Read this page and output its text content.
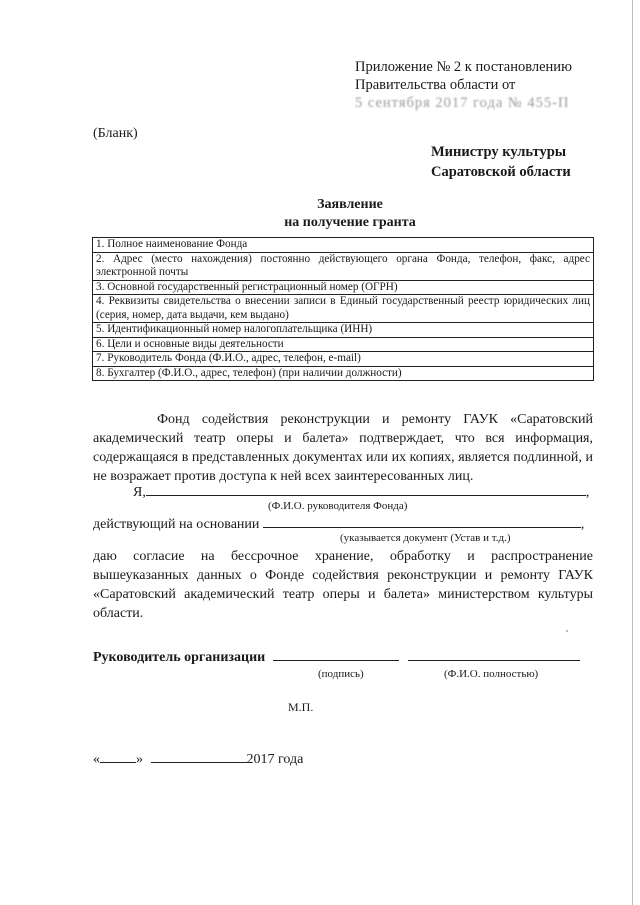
Приложение № 2 к постановлению
Правительства области от
5 сентября 2017 года № 455-П
(Бланк)
Министру культуры
Саратовской области
Заявление
на получение гранта
1. Полное наименование Фонда
2. Адрес (место нахождения) постоянно действующего органа Фонда, телефон, факс, адрес электронной почты
3. Основной государственный регистрационный номер (ОГРН)
4. Реквизиты свидетельства о внесении записи в Единый государственный реестр юридических лиц (серия, номер, дата выдачи, кем выдано)
5. Идентификационный номер налогоплательщика (ИНН)
6. Цели и основные виды деятельности
7. Руководитель Фонда (Ф.И.О., адрес, телефон, e-mail)
8. Бухгалтер (Ф.И.О., адрес, телефон) (при наличии должности)
Фонд содействия реконструкции и ремонту ГАУК «Саратовский академический театр оперы и балета» подтверждает, что вся информация, содержащаяся в представленных документах или их копиях, является подлинной, и не возражает против доступа к ней всех заинтересованных лиц.
Я,	,
(Ф.И.О. руководителя Фонда)
действующий на основании	,
(указывается документ (Устав и т.д.)
даю согласие на бессрочное хранение, обработку и распространение вышеуказанных данных о Фонде содействия реконструкции и ремонту ГАУК «Саратовский академический театр оперы и балета» министерством культуры области.
Руководитель организации
(подпись)	(Ф.И.О. полностью)
М.П.
«	»	2017 года
